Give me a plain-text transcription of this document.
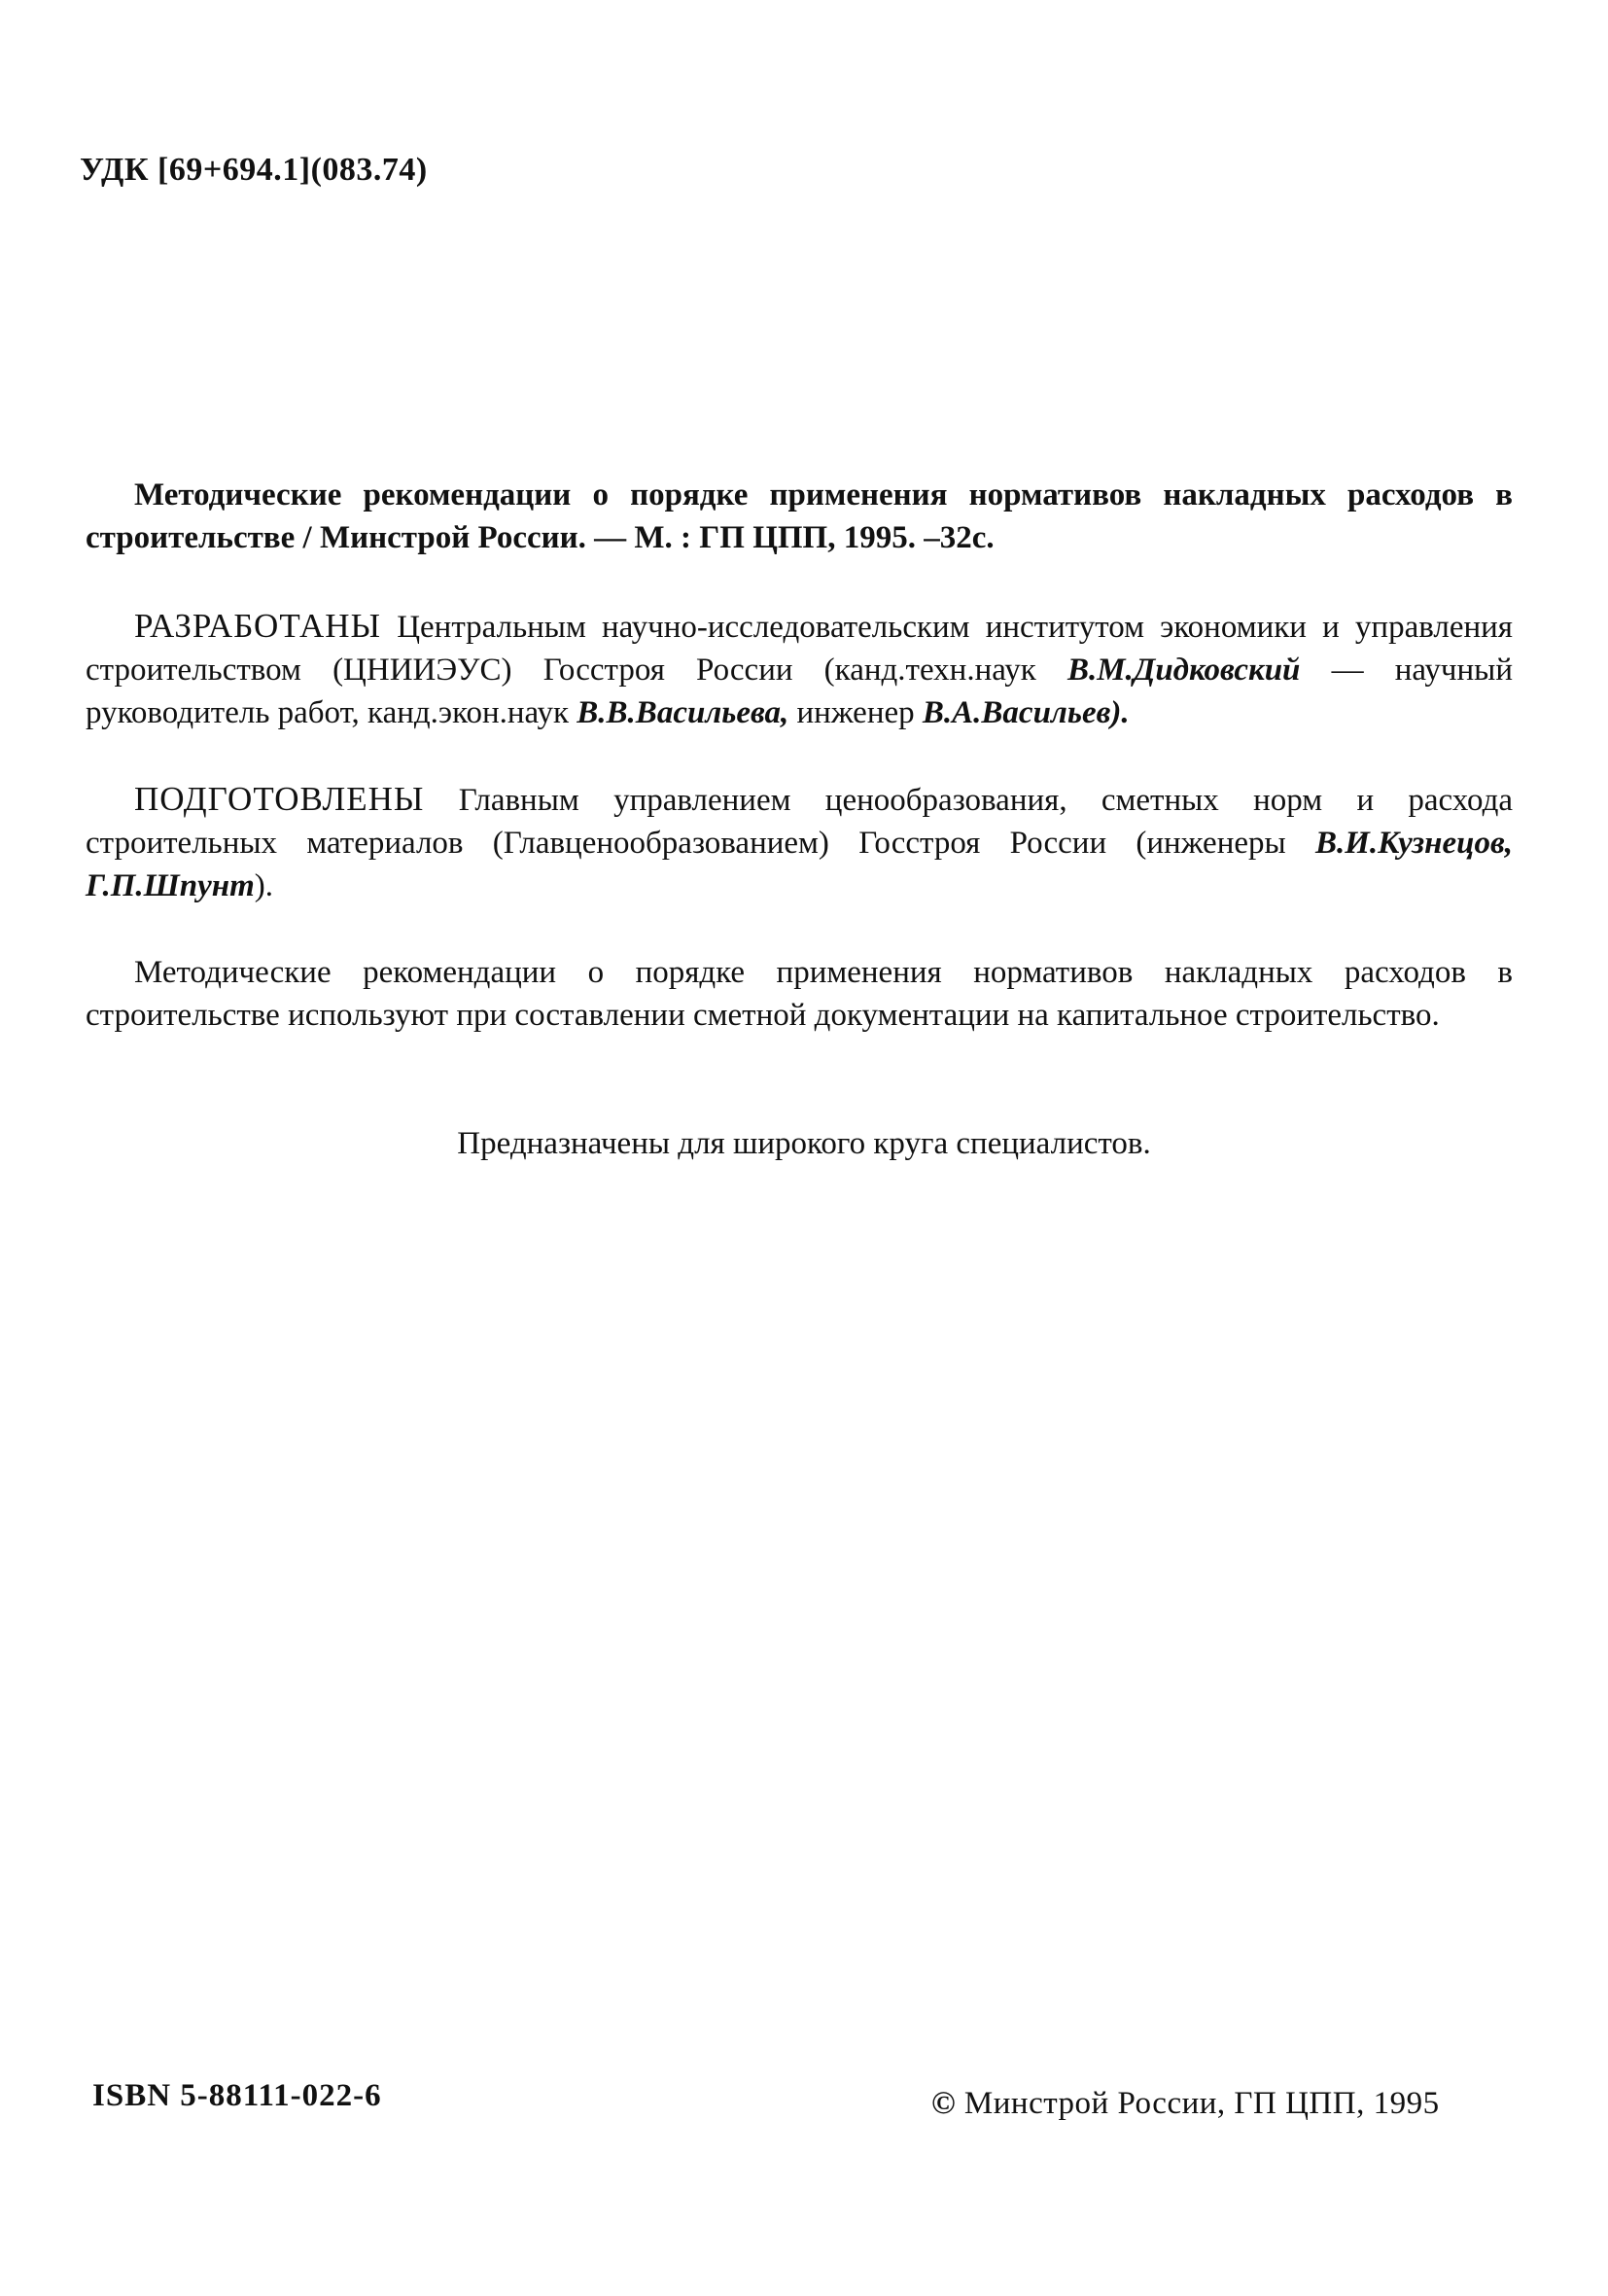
УДК [69+694.1](083.74)
Методические рекомендации о порядке применения нормативов накладных расходов в строительстве / Минстрой России. — М. : ГП ЦПП, 1995. –32с.
РАЗРАБОТАНЫ Центральным научно-исследовательским институтом экономики и управления строительством (ЦНИИЭУС) Госстроя России (канд.техн.наук В.М.Дидковский — научный руководитель работ, канд.экон.наук В.В.Васильева, инженер В.А.Васильев).
ПОДГОТОВЛЕНЫ Главным управлением ценообразования, сметных норм и расхода строительных материалов (Главценообразованием) Госстроя России (инженеры В.И.Кузнецов, Г.П.Шпунт).
Методические рекомендации о порядке применения нормативов накладных расходов в строительстве используют при составлении сметной документации на капитальное строительство.
Предназначены для широкого круга специалистов.
ISBN 5-88111-022-6	© Минстрой России, ГП ЦПП, 1995
